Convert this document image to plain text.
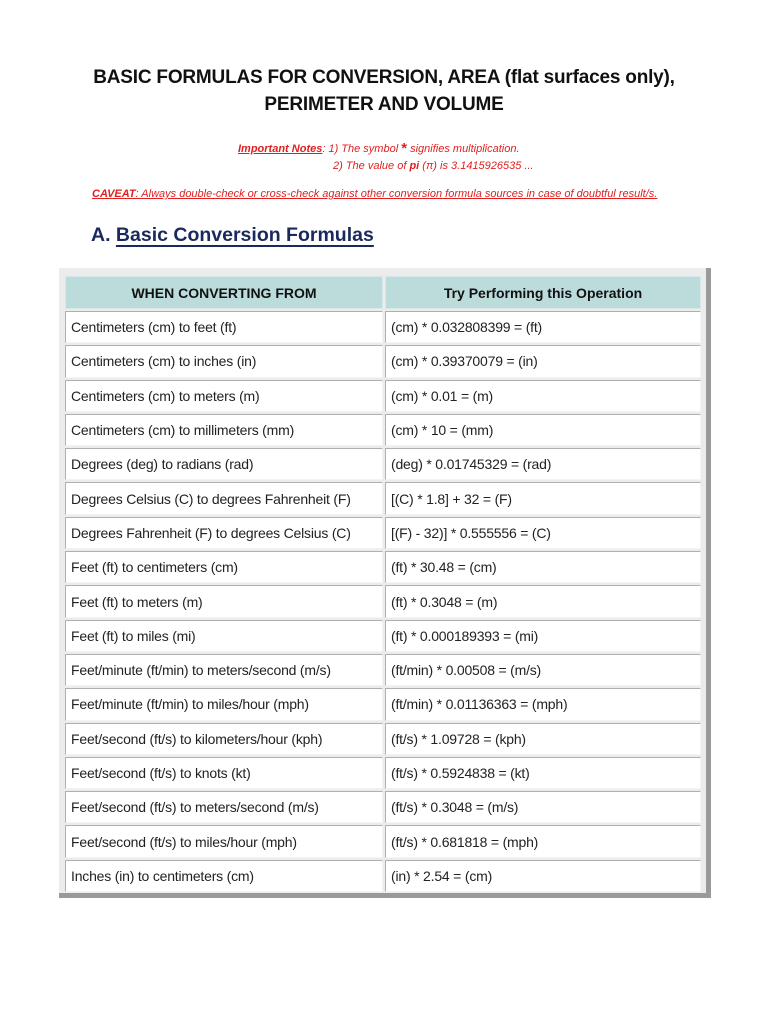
BASIC FORMULAS FOR CONVERSION, AREA (flat surfaces only),
PERIMETER AND VOLUME
Important Notes: 1) The symbol * signifies multiplication.
2) The value of pi (π) is 3.1415926535 ...
CAVEAT: Always double-check or cross-check against other conversion formula sources in case of doubtful result/s.
A. Basic Conversion Formulas
WHEN CONVERTING FROM	Try Performing this Operation
Centimeters (cm) to feet (ft)	(cm) * 0.032808399 = (ft)
Centimeters (cm) to inches (in)	(cm) * 0.39370079 = (in)
Centimeters (cm) to meters (m)	(cm) * 0.01 = (m)
Centimeters (cm) to millimeters (mm)	(cm) * 10 = (mm)
Degrees (deg) to radians (rad)	(deg) * 0.01745329 = (rad)
Degrees Celsius (C) to degrees Fahrenheit (F)	[(C) * 1.8] + 32 = (F)
Degrees Fahrenheit (F) to degrees Celsius (C)	[(F) - 32)] * 0.555556 = (C)
Feet (ft) to centimeters (cm)	(ft) * 30.48 = (cm)
Feet (ft) to meters (m)	(ft) * 0.3048 = (m)
Feet (ft) to miles (mi)	(ft) * 0.000189393 = (mi)
Feet/minute (ft/min) to meters/second (m/s)	(ft/min) * 0.00508 = (m/s)
Feet/minute (ft/min) to miles/hour (mph)	(ft/min) * 0.01136363 = (mph)
Feet/second (ft/s) to kilometers/hour (kph)	(ft/s) * 1.09728 = (kph)
Feet/second (ft/s) to knots (kt)	(ft/s) * 0.5924838 = (kt)
Feet/second (ft/s) to meters/second (m/s)	(ft/s) * 0.3048 = (m/s)
Feet/second (ft/s) to miles/hour (mph)	(ft/s) * 0.681818 = (mph)
Inches (in) to centimeters (cm)	(in) * 2.54 = (cm)
